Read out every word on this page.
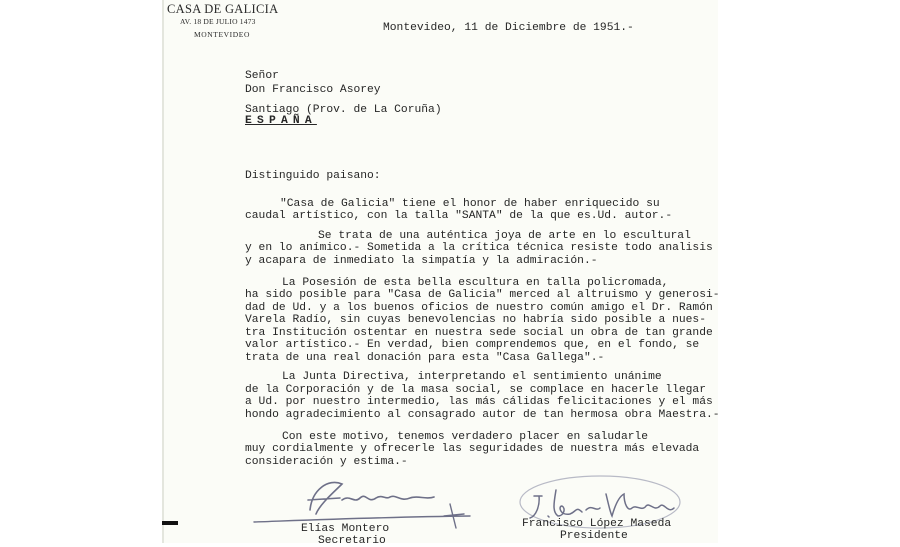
CASA DE GALICIA
AV. 18 DE JULIO 1473
MONTEVIDEO
Montevideo, 11 de Diciembre de 1951.-
Señor
Don Francisco Asorey
Santiago (Prov. de La Coruña)
ESPAÑA
Distinguido paisano:
"Casa de Galicia" tiene el honor de haber enriquecido su
caudal artístico, con la talla "SANTA" de la que es.Ud. autor.-
Se trata de una auténtica joya de arte en lo escultural
y en lo anímico.- Sometida a la crítica técnica resiste todo analisis
y acapara de inmediato la simpatía y la admiración.-
La Posesión de esta bella escultura en talla policromada,
ha sido posible para "Casa de Galicia" merced al altruismo y generosi-
dad de Ud. y a los buenos oficios de nuestro común amigo el Dr. Ramón
Varela Radío, sin cuyas benevolencias no habría sido posible a nues-
tra Institución ostentar en nuestra sede social un obra de tan grande
valor artístico.- En verdad, bien comprendemos que, en el fondo, se
trata de una real donación para esta "Casa Gallega".-
La Junta Directiva, interpretando el sentimiento unánime
de la Corporación y de la masa social, se complace en hacerle llegar
a Ud. por nuestro intermedio, las más cálidas felicitaciones y el más
hondo agradecimiento al consagrado autor de tan hermosa obra Maestra.-
Con este motivo, tenemos verdadero placer en saludarle
muy cordialmente y ofrecerle las seguridades de nuestra más elevada
consideración y estima.-
Elías Montero
Secretario
Francisco López Maseda
Presidente
